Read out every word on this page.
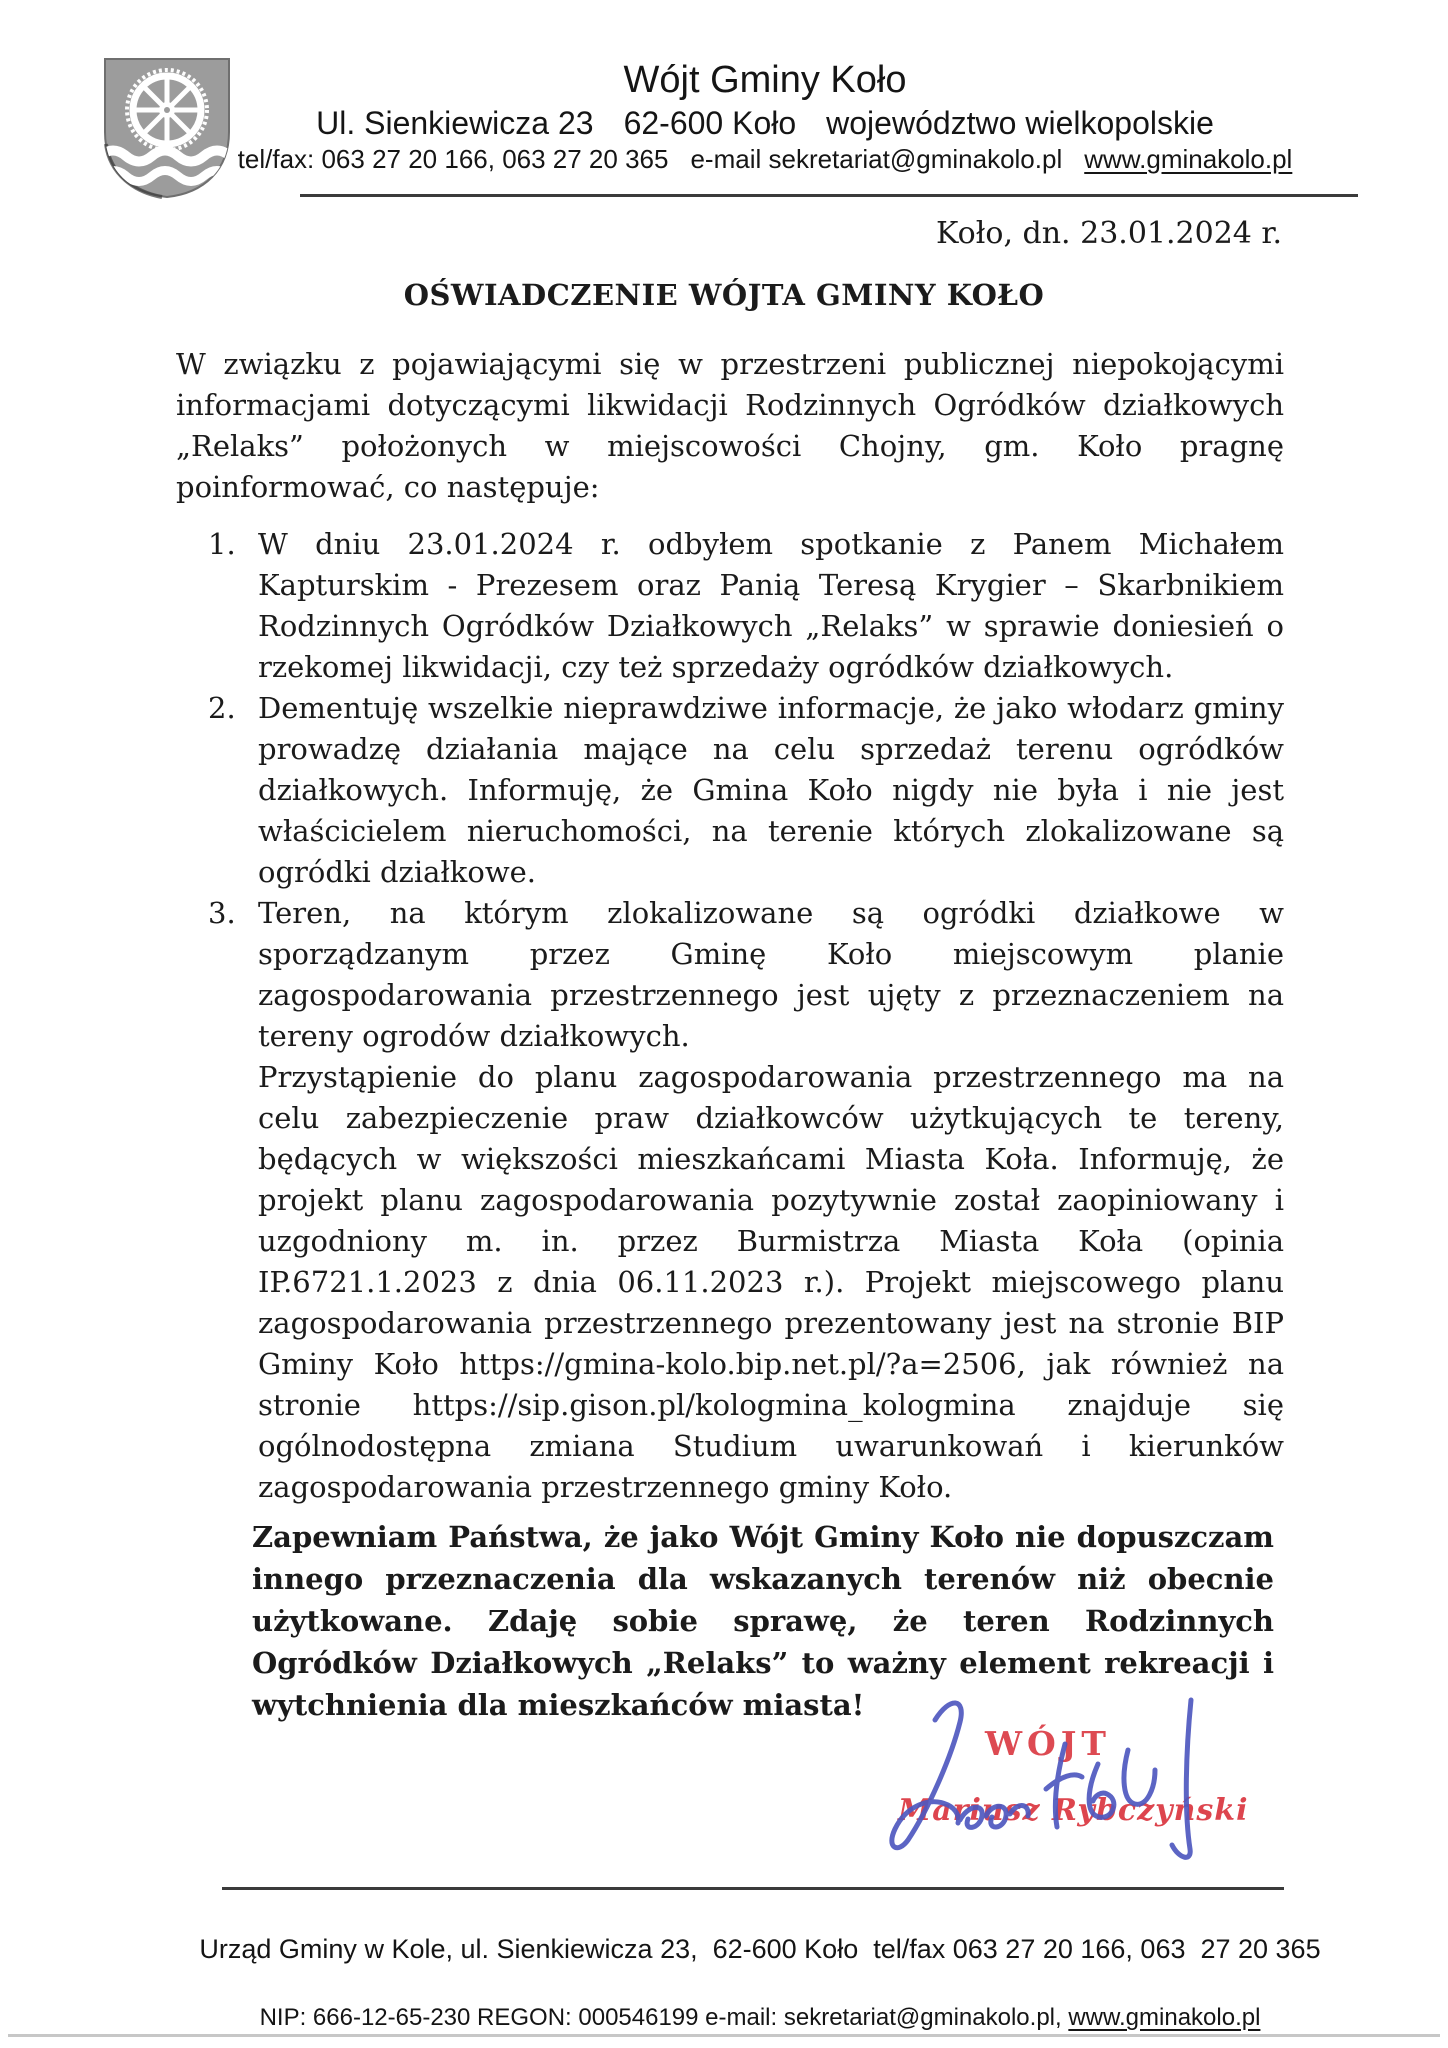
Wójt Gminy Koło
Ul. Sienkiewicza 23 62-600 Koło województwo wielkopolskie
tel/fax: 063 27 20 166, 063 27 20 365 e-mail sekretariat@gminakolo.pl www.gminakolo.pl
Koło, dn. 23.01.2024 r.
OŚWIADCZENIE WÓJTA GMINY KOŁO
W związku z pojawiającymi się w przestrzeni publicznej niepokojącymi informacjami dotyczącymi likwidacji Rodzinnych Ogródków działkowych „Relaks” położonych w miejscowości Chojny, gm. Koło pragnę poinformować, co następuje:
1. W dniu 23.01.2024 r. odbyłem spotkanie z Panem Michałem Kapturskim - Prezesem oraz Panią Teresą Krygier – Skarbnikiem Rodzinnych Ogródków Działkowych „Relaks” w sprawie doniesień o rzekomej likwidacji, czy też sprzedaży ogródków działkowych.

2. Dementuję wszelkie nieprawdziwe informacje, że jako włodarz gminy prowadzę działania mające na celu sprzedaż terenu ogródków działkowych. Informuję, że Gmina Koło nigdy nie była i nie jest właścicielem nieruchomości, na terenie których zlokalizowane są ogródki działkowe.

3. Teren, na którym zlokalizowane są ogródki działkowe w sporządzanym przez Gminę Koło miejscowym planie zagospodarowania przestrzennego jest ujęty z przeznaczeniem na tereny ogrodów działkowych.

Przystąpienie do planu zagospodarowania przestrzennego ma na celu zabezpieczenie praw działkowców użytkujących te tereny, będących w większości mieszkańcami Miasta Koła. Informuję, że projekt planu zagospodarowania pozytywnie został zaopiniowany i uzgodniony m. in. przez Burmistrza Miasta Koła (opinia IP.6721.1.2023 z dnia 06.11.2023 r.). Projekt miejscowego planu zagospodarowania przestrzennego prezentowany jest na stronie BIP Gminy Koło https://gmina-kolo.bip.net.pl/?a=2506, jak również na stronie https://sip.gison.pl/kologmina_kologmina znajduje się ogólnodostępna zmiana Studium uwarunkowań i kierunków zagospodarowania przestrzennego gminy Koło.

Zapewniam Państwa, że jako Wójt Gminy Koło nie dopuszczam innego przeznaczenia dla wskazanych terenów niż obecnie użytkowane. Zdaję sobie sprawę, że teren Rodzinnych Ogródków Działkowych „Relaks” to ważny element rekreacji i wytchnienia dla mieszkańców miasta!
WÓJT
Mariusz Rybczyński

Urząd Gminy w Kole, ul. Sienkiewicza 23,  62-600 Koło  tel/fax 063 27 20 166, 063  27 20 365

NIP: 666-12-65-230 REGON: 000546199 e-mail: sekretariat@gminakolo.pl, www.gminakolo.pl
